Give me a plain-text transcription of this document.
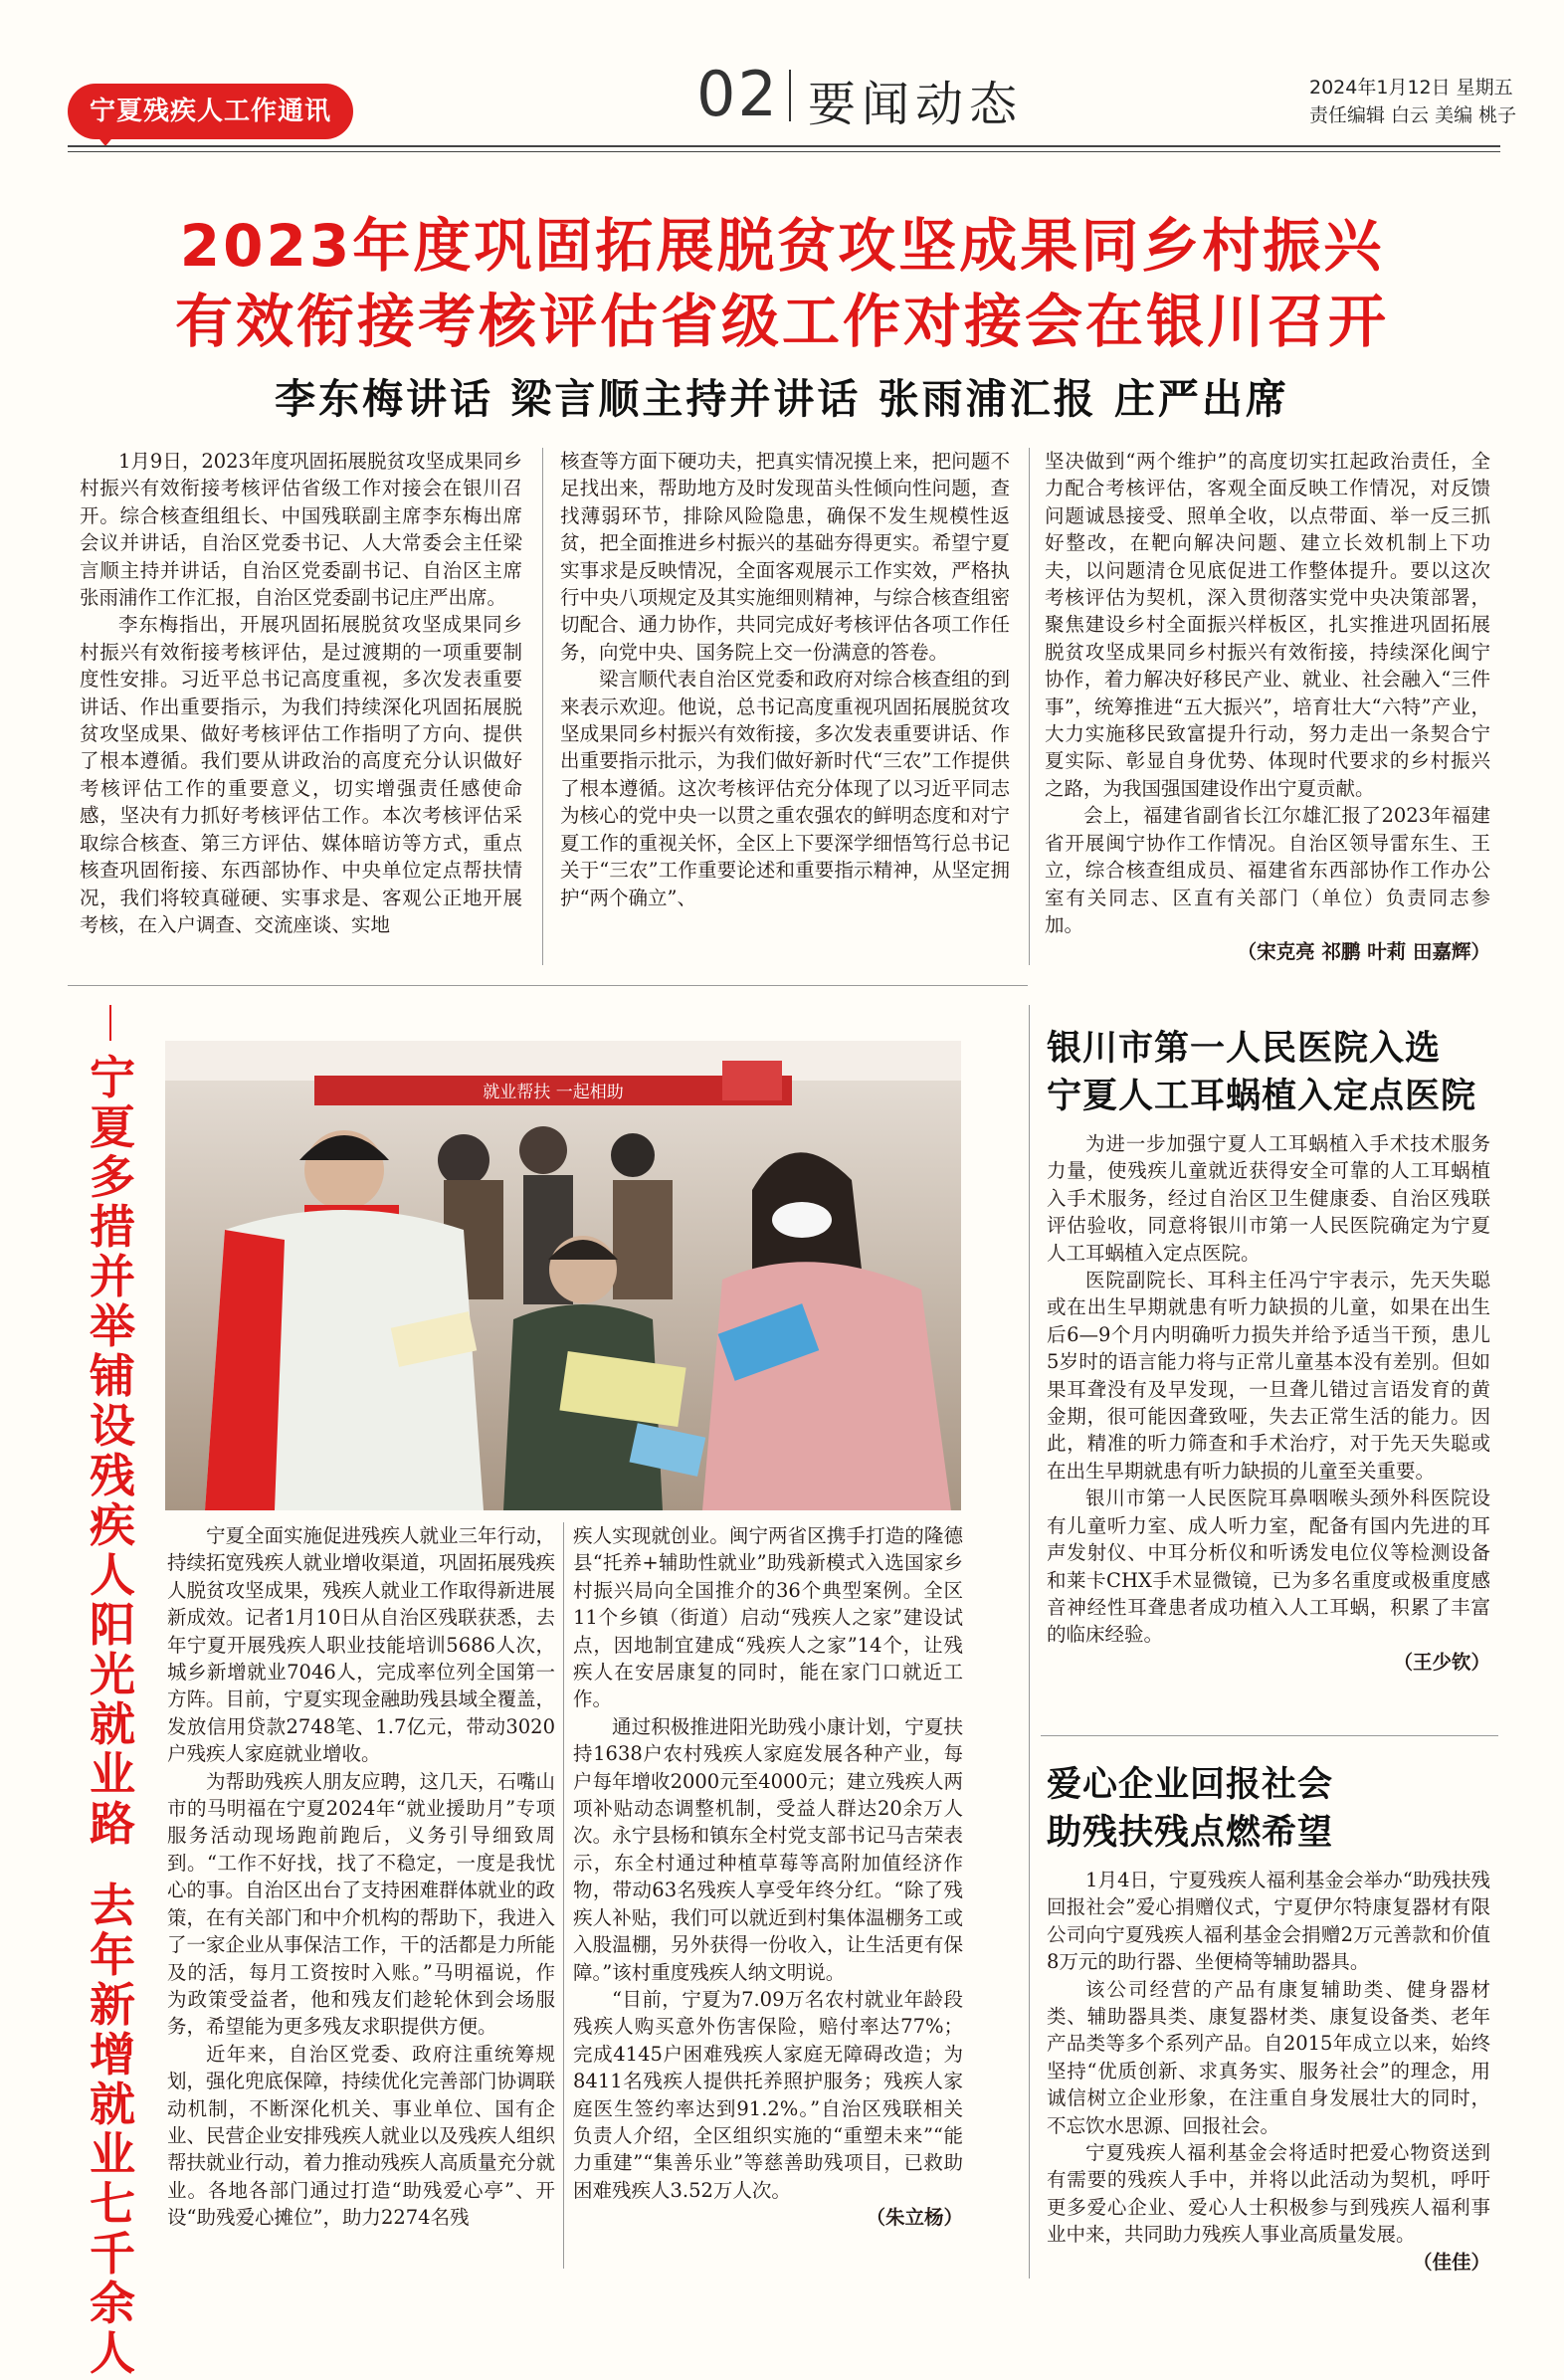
宁夏残疾人工作通讯	02 要闻动态	2024年1月12日 星期五
责任编辑 白云 美编 桃子
2023年度巩固拓展脱贫攻坚成果同乡村振兴
有效衔接考核评估省级工作对接会在银川召开
李东梅讲话 梁言顺主持并讲话 张雨浦汇报 庄严出席

1月9日，2023年度巩固拓展脱贫攻坚成果同乡村振兴有效衔接考核评估省级工作对接会在银川召开。综合核查组组长、中国残联副主席李东梅出席会议并讲话，自治区党委书记、人大常委会主任梁言顺主持并讲话，自治区党委副书记、自治区主席张雨浦作工作汇报，自治区党委副书记庄严出席。

李东梅指出，开展巩固拓展脱贫攻坚成果同乡村振兴有效衔接考核评估，是过渡期的一项重要制度性安排。习近平总书记高度重视，多次发表重要讲话、作出重要指示，为我们持续深化巩固拓展脱贫攻坚成果、做好考核评估工作指明了方向、提供了根本遵循。我们要从讲政治的高度充分认识做好考核评估工作的重要意义，切实增强责任感使命感，坚决有力抓好考核评估工作。本次考核评估采取综合核查、第三方评估、媒体暗访等方式，重点核查巩固衔接、东西部协作、中央单位定点帮扶情况，我们将较真碰硬、实事求是、客观公正地开展考核，在入户调查、交流座谈、实地

核查等方面下硬功夫，把真实情况摸上来，把问题不足找出来，帮助地方及时发现苗头性倾向性问题，查找薄弱环节，排除风险隐患，确保不发生规模性返贫，把全面推进乡村振兴的基础夯得更实。希望宁夏实事求是反映情况，全面客观展示工作实效，严格执行中央八项规定及其实施细则精神，与综合核查组密切配合、通力协作，共同完成好考核评估各项工作任务，向党中央、国务院上交一份满意的答卷。

梁言顺代表自治区党委和政府对综合核查组的到来表示欢迎。他说，总书记高度重视巩固拓展脱贫攻坚成果同乡村振兴有效衔接，多次发表重要讲话、作出重要指示批示，为我们做好新时代“三农”工作提供了根本遵循。这次考核评估充分体现了以习近平同志为核心的党中央一以贯之重农强农的鲜明态度和对宁夏工作的重视关怀，全区上下要深学细悟笃行总书记关于“三农”工作重要论述和重要指示精神，从坚定拥护“两个确立”、

坚决做到“两个维护”的高度切实扛起政治责任，全力配合考核评估，客观全面反映工作情况，对反馈问题诚恳接受、照单全收，以点带面、举一反三抓好整改，在靶向解决问题、建立长效机制上下功夫，以问题清仓见底促进工作整体提升。要以这次考核评估为契机，深入贯彻落实党中央决策部署，聚焦建设乡村全面振兴样板区，扎实推进巩固拓展脱贫攻坚成果同乡村振兴有效衔接，持续深化闽宁协作，着力解决好移民产业、就业、社会融入“三件事”，统筹推进“五大振兴”，培育壮大“六特”产业，大力实施移民致富提升行动，努力走出一条契合宁夏实际、彰显自身优势、体现时代要求的乡村振兴之路，为我国强国建设作出宁夏贡献。

会上，福建省副省长江尔雄汇报了2023年福建省开展闽宁协作工作情况。自治区领导雷东生、王立，综合核查组成员、福建省东西部协作工作办公室有关同志、区直有关部门（单位）负责同志参加。

（宋克亮 祁鹏 叶莉 田嘉辉）
宁夏多措并举铺设残疾人阳光就业路
去年新增就业七千余人
就业帮扶 一起相助

宁夏全面实施促进残疾人就业三年行动，持续拓宽残疾人就业增收渠道，巩固拓展残疾人脱贫攻坚成果，残疾人就业工作取得新进展新成效。记者1月10日从自治区残联获悉，去年宁夏开展残疾人职业技能培训5686人次，城乡新增就业7046人，完成率位列全国第一方阵。目前，宁夏实现金融助残县域全覆盖，发放信用贷款2748笔、1.7亿元，带动3020户残疾人家庭就业增收。

为帮助残疾人朋友应聘，这几天，石嘴山市的马明福在宁夏2024年“就业援助月”专项服务活动现场跑前跑后，义务引导细致周到。“工作不好找，找了不稳定，一度是我忧心的事。自治区出台了支持困难群体就业的政策，在有关部门和中介机构的帮助下，我进入了一家企业从事保洁工作，干的活都是力所能及的活，每月工资按时入账。”马明福说，作为政策受益者，他和残友们趁轮休到会场服务，希望能为更多残友求职提供方便。

近年来，自治区党委、政府注重统筹规划，强化兜底保障，持续优化完善部门协调联动机制，不断深化机关、事业单位、国有企业、民营企业安排残疾人就业以及残疾人组织帮扶就业行动，着力推动残疾人高质量充分就业。各地各部门通过打造“助残爱心亭”、开设“助残爱心摊位”，助力2274名残

疾人实现就创业。闽宁两省区携手打造的隆德县“托养+辅助性就业”助残新模式入选国家乡村振兴局向全国推介的36个典型案例。全区11个乡镇（街道）启动“残疾人之家”建设试点，因地制宜建成“残疾人之家”14个，让残疾人在安居康复的同时，能在家门口就近工作。

通过积极推进阳光助残小康计划，宁夏扶持1638户农村残疾人家庭发展各种产业，每户每年增收2000元至4000元；建立残疾人两项补贴动态调整机制，受益人群达20余万人次。永宁县杨和镇东全村党支部书记马吉荣表示，东全村通过种植草莓等高附加值经济作物，带动63名残疾人享受年终分红。“除了残疾人补贴，我们可以就近到村集体温棚务工或入股温棚，另外获得一份收入，让生活更有保障。”该村重度残疾人纳文明说。

“目前，宁夏为7.09万名农村就业年龄段残疾人购买意外伤害保险，赔付率达77%；完成4145户困难残疾人家庭无障碍改造；为8411名残疾人提供托养照护服务；残疾人家庭医生签约率达到91.2%。”自治区残联相关负责人介绍，全区组织实施的“重塑未来”“能力重建”“集善乐业”等慈善助残项目，已救助困难残疾人3.52万人次。

（朱立杨）
银川市第一人民医院入选
宁夏人工耳蜗植入定点医院

为进一步加强宁夏人工耳蜗植入手术技术服务力量，使残疾儿童就近获得安全可靠的人工耳蜗植入手术服务，经过自治区卫生健康委、自治区残联评估验收，同意将银川市第一人民医院确定为宁夏人工耳蜗植入定点医院。

医院副院长、耳科主任冯宁宇表示，先天失聪或在出生早期就患有听力缺损的儿童，如果在出生后6—9个月内明确听力损失并给予适当干预，患儿5岁时的语言能力将与正常儿童基本没有差别。但如果耳聋没有及早发现，一旦聋儿错过言语发育的黄金期，很可能因聋致哑，失去正常生活的能力。因此，精准的听力筛查和手术治疗，对于先天失聪或在出生早期就患有听力缺损的儿童至关重要。

银川市第一人民医院耳鼻咽喉头颈外科医院设有儿童听力室、成人听力室，配备有国内先进的耳声发射仪、中耳分析仪和听诱发电位仪等检测设备和莱卡CHX手术显微镜，已为多名重度或极重度感音神经性耳聋患者成功植入人工耳蜗，积累了丰富的临床经验。

（王少钦）
爱心企业回报社会
助残扶残点燃希望

1月4日，宁夏残疾人福利基金会举办“助残扶残 回报社会”爱心捐赠仪式，宁夏伊尔特康复器材有限公司向宁夏残疾人福利基金会捐赠2万元善款和价值8万元的助行器、坐便椅等辅助器具。

该公司经营的产品有康复辅助类、健身器材类、辅助器具类、康复器材类、康复设备类、老年产品类等多个系列产品。自2015年成立以来，始终坚持“优质创新、求真务实、服务社会”的理念，用诚信树立企业形象，在注重自身发展壮大的同时，不忘饮水思源、回报社会。

宁夏残疾人福利基金会将适时把爱心物资送到有需要的残疾人手中，并将以此活动为契机，呼吁更多爱心企业、爱心人士积极参与到残疾人福利事业中来，共同助力残疾人事业高质量发展。

（佳佳）
